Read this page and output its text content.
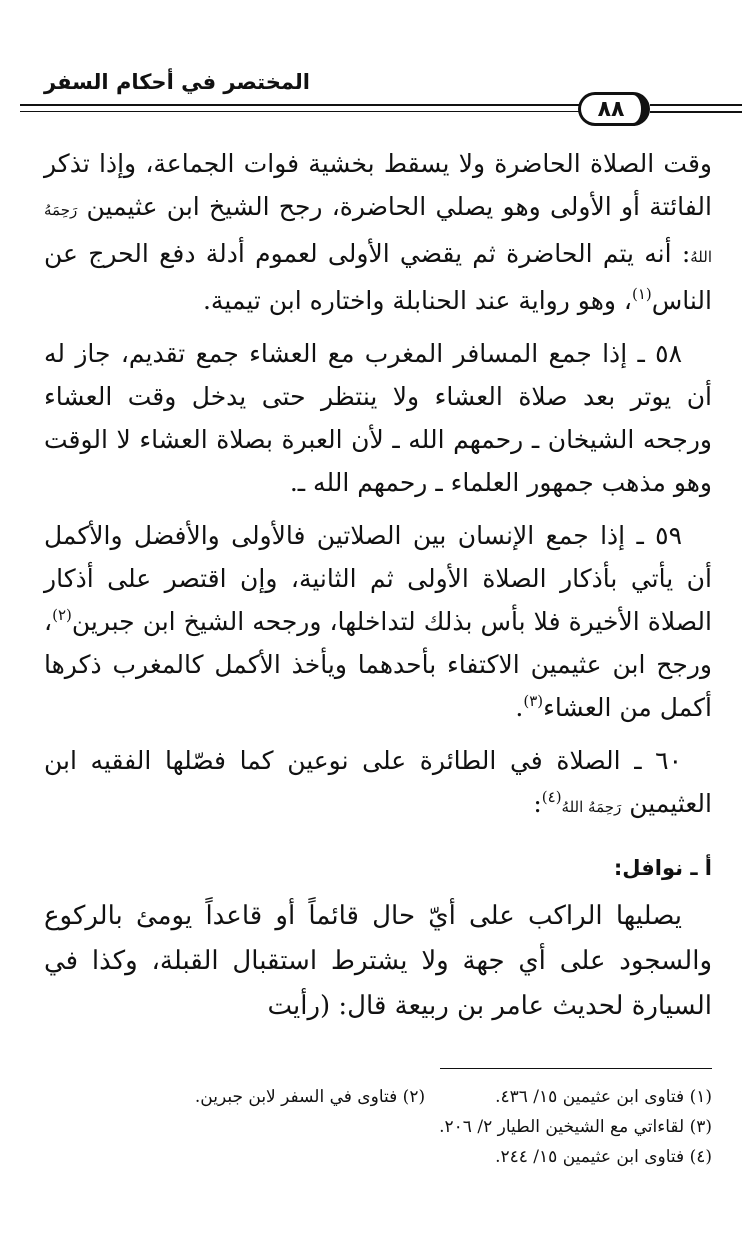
المختصر في أحكام السفر
٨٨

وقت الصلاة الحاضرة ولا يسقط بخشية فوات الجماعة، وإذا تذكر الفائتة أو الأولى وهو يصلي الحاضرة، رجح الشيخ ابن عثيمين رَحِمَهُ اللهُ: أنه يتم الحاضرة ثم يقضي الأولى لعموم أدلة دفع الحرج عن الناس$^{(١)}$، وهو رواية عند الحنابلة واختاره ابن تيمية.

٥٨ ـ إذا جمع المسافر المغرب مع العشاء جمع تقديم، جاز له أن يوتر بعد صلاة العشاء ولا ينتظر حتى يدخل وقت العشاء ورجحه الشيخان ـ رحمهم الله ـ لأن العبرة بصلاة العشاء لا الوقت وهو مذهب جمهور العلماء ـ رحمهم الله ـ.

٥٩ ـ إذا جمع الإنسان بين الصلاتين فالأولى والأفضل والأكمل أن يأتي بأذكار الصلاة الأولى ثم الثانية، وإن اقتصر على أذكار الصلاة الأخيرة فلا بأس بذلك لتداخلها، ورجحه الشيخ ابن جبرين$^{(٢)}$، ورجح ابن عثيمين الاكتفاء بأحدهما ويأخذ الأكمل كالمغرب ذكرها أكمل من العشاء$^{(٣)}$.

٦٠ ـ الصلاة في الطائرة على نوعين كما فصّلها الفقيه ابن العثيمين رَحِمَهُ اللهُ$^{(٤)}$:

أ ـ نوافل:

يصليها الراكب على أيّ حال قائماً أو قاعداً يومئ بالركوع والسجود على أي جهة ولا يشترط استقبال القبلة، وكذا في السيارة لحديث عامر بن ربيعة قال: (رأيت

(١) فتاوى ابن عثيمين ١٥/ ٤٣٦.
(٢) فتاوى في السفر لابن جبرين.
(٣) لقاءاتي مع الشيخين الطيار ٢/ ٢٠٦.
(٤) فتاوى ابن عثيمين ١٥/ ٢٤٤.
